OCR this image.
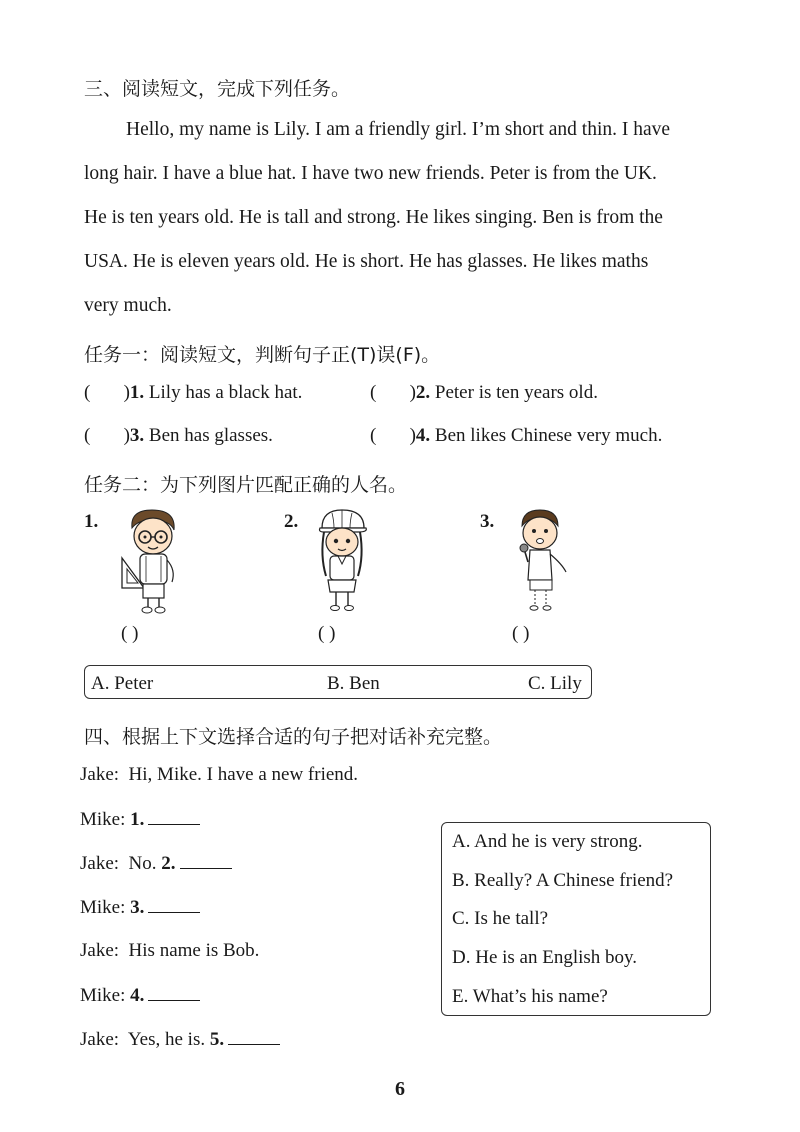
三、阅读短文，完成下列任务。
Hello, my name is Lily. I am a friendly girl. I’m short and thin. I have
long hair. I have a blue hat. I have two new friends. Peter is from the UK.
He is ten years old. He is tall and strong. He likes singing. Ben is from the
USA. He is eleven years old. He is short. He has glasses. He likes maths
very much.
任务一：阅读短文，判断句子正(T)误(F)。
(       )1. Lily has a black hat.	(       )2. Peter is ten years old.
(       )3. Ben has glasses.	(       )4. Ben likes Chinese very much.
任务二：为下列图片匹配正确的人名。
1.	2.	3.
( )	( )	( )
A. Peter	B. Ben	C. Lily
四、根据上下文选择合适的句子把对话补充完整。
Jake:  Hi, Mike. I have a new friend.
Mike: 1.
Jake:  No. 2.
Mike: 3.
Jake:  His name is Bob.
Mike: 4.
Jake:  Yes, he is. 5.
A. And he is very strong.
B. Really? A Chinese friend?
C. Is he tall?
D. He is an English boy.
E. What’s his name?
6
